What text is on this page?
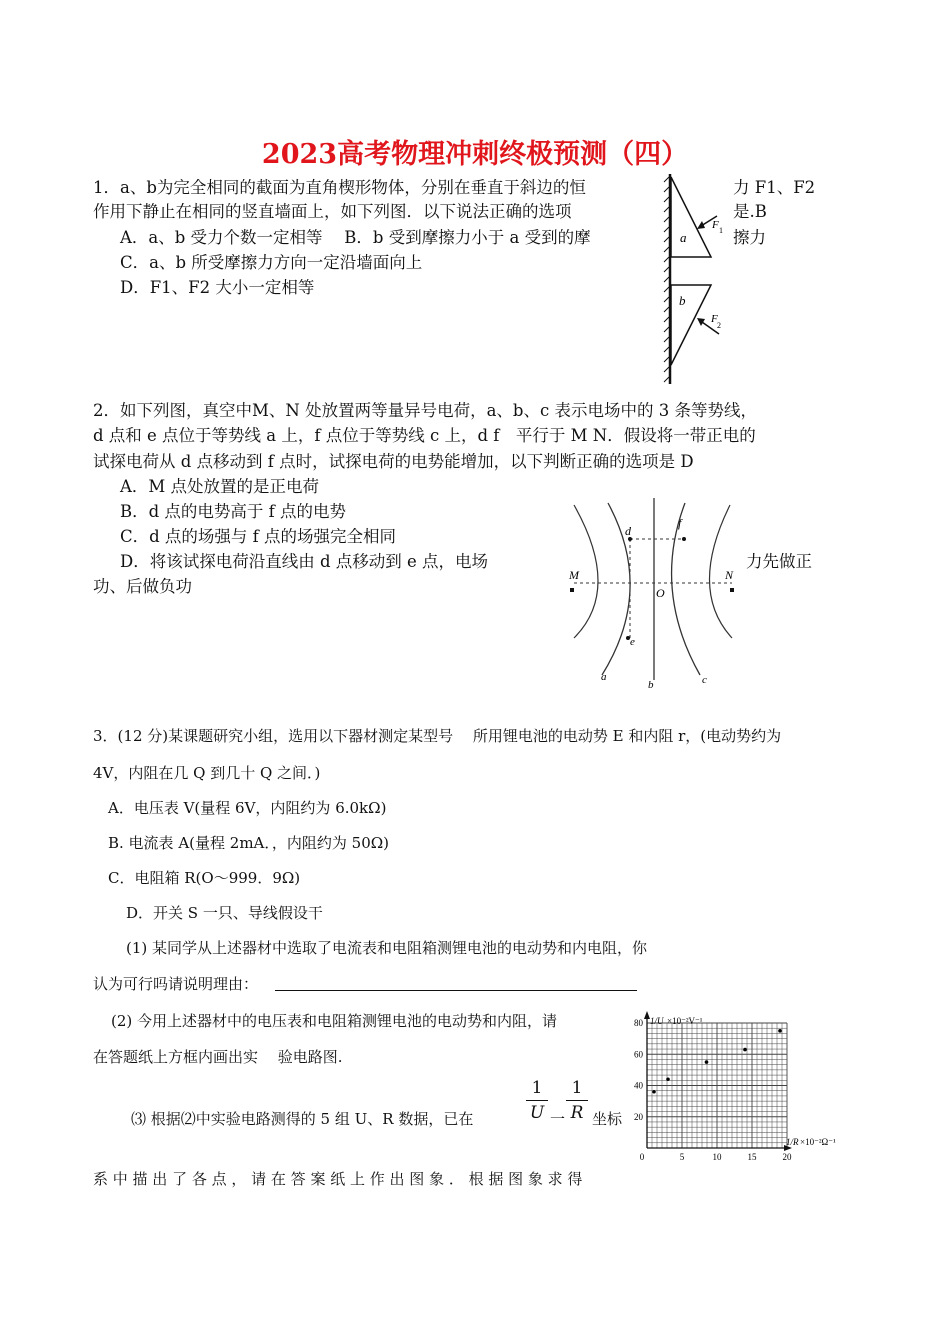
2023高考物理冲刺终极预测（四）
1．a、b为完全相同的截面为直角楔形物体，分别在垂直于斜边的恒	力 F1、F2
作用下静止在相同的竖直墙面上，如下列图．以下说法正确的选项	是.B
A．a、b 受力个数一定相等　 B．b 受到摩擦力小于 a 受到的摩	擦力
C．a、b 所受摩擦力方向一定沿墙面向上
D．F1、F2 大小一定相等
a
F 1
b
F
2
2．如下列图，真空中M、N 处放置两等量异号电荷，a、b、c 表示电场中的 3 条等势线，
d 点和 e 点位于等势线 a 上，f 点位于等势线 c 上，d f　平行于 M N．假设将一带正电的
试探电荷从 d 点移动到 f 点时，试探电荷的电势能增加，以下判断正确的选项是 D
A．M 点处放置的是正电荷
B．d 点的电势高于 f 点的电势
C．d 点的场强与 f 点的场强完全相同
D．将该试探电荷沿直线由 d 点移动到 e 点，电场	力先做正
功、后做负功
M	N
O
d
e
f
a
b	c
3．(12 分)某课题研究小组，选用以下器材测定某型号　 所用锂电池的电动势 E 和内阻 r，(电动势约为
4V，内阻在几 Q 到几十 Q 之间．)
A．电压表 V(量程 6V，内阻约为 6.0kΩ)
B. 电流表 A(量程 2mA．，内阻约为 50Ω)
C．电阻箱 R(O～999．9Ω)
D．开关 S 一只、导线假设干
(1) 某同学从上述器材中选取了电流表和电阻箱测锂电池的电动势和内电阻，你
认为可行吗请说明理由：
(2) 今用上述器材中的电压表和电阻箱测锂电池的电动势和内阻，请
在答题纸上方框内画出实　 验电路图.
⑶ 根据⑵中实验电路测得的 5 组 U、R 数据，已在
1
U 一
1
R 坐标
系 中 描 出 了 各 点 ， 请 在 答 案 纸 上 作 出 图 象 ． 根 据 图 象 求 得
1/U ×10⁻²V⁻¹
1/R ×10⁻²Ω⁻¹
80
60
40
20
0	5	10	15	20
